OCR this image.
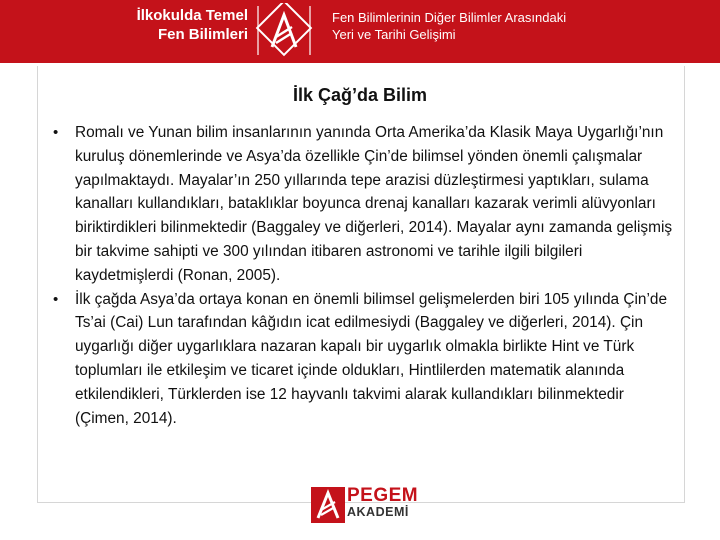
İlkokulda Temel
Fen Bilimleri
Fen Bilimlerinin Diğer Bilimler Arasındaki
Yeri ve Tarihi Gelişimi
İlk Çağ’da Bilim
• Romalı ve Yunan bilim insanlarının yanında Orta Amerika’da Klasik Maya Uygarlığı’nın kuruluş dönemlerinde ve Asya’da özellikle Çin’de bilimsel yönden önemli çalışmalar yapılmaktaydı. Mayalar’ın 250 yıllarında tepe arazisi düzleştirmesi yaptıkları, sulama kanalları kullandıkları, bataklıklar boyunca drenaj kanalları kazarak verimli alüvyonları biriktirdikleri bilinmektedir (Baggaley ve diğerleri, 2014). Mayalar aynı zamanda gelişmiş bir takvime sahipti ve 300 yılından itibaren astronomi ve tarihle ilgili bilgileri kaydetmişlerdi (Ronan, 2005).
• İlk çağda Asya’da ortaya konan en önemli bilimsel gelişmelerden biri 105 yılında Çin’de Ts’ai (Cai) Lun tarafından kâğıdın icat edilmesiydi (Baggaley ve diğerleri, 2014). Çin uygarlığı diğer uygarlıklara nazaran kapalı bir uygarlık olmakla birlikte Hint ve Türk toplumları ile etkileşim ve ticaret içinde oldukları, Hintlilerden matematik alanında etkilendikleri, Türklerden ise 12 hayvanlı takvimi alarak kullandıkları bilinmektedir (Çimen, 2014).
PEGEM
AKADEMİ
